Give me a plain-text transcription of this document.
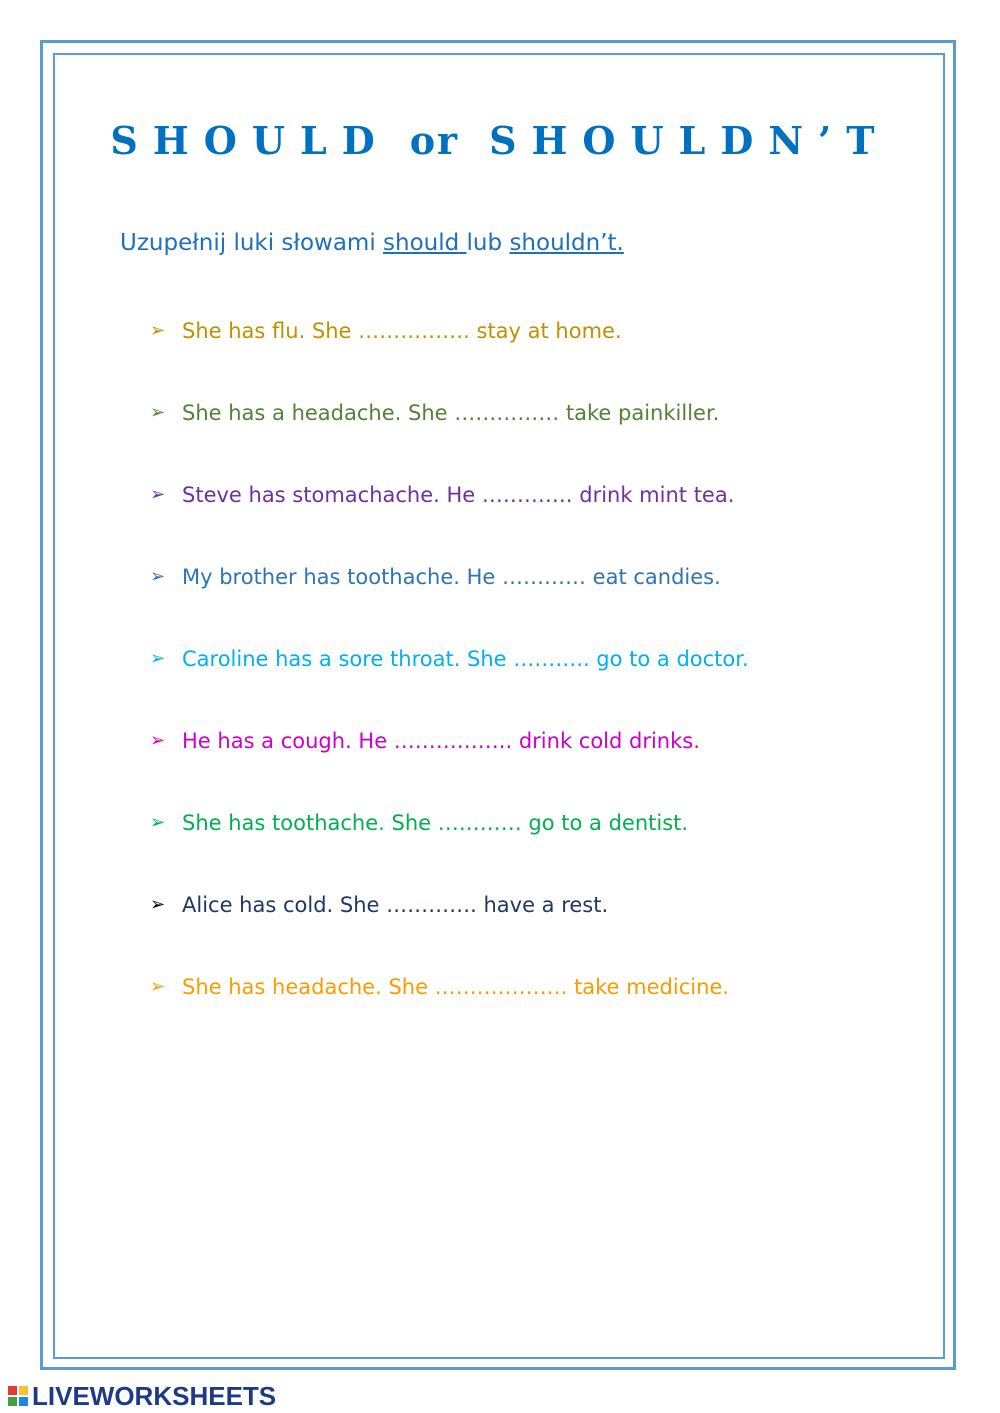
SHOULD or SHOULDN’T
Uzupełnij luki słowami should lub shouldn’t.
➢ She has flu. She ……………. stay at home.
➢ She has a headache. She …………… take painkiller.
➢ Steve has stomachache. He …………. drink mint tea.
➢ My brother has toothache. He ………… eat candies.
➢ Caroline has a sore throat. She ……….. go to a doctor.
➢ He has a cough. He …………….. drink cold drinks.
➢ She has toothache. She ………… go to a dentist.
➢ Alice has cold. She …………. have a rest.
➢ She has headache. She ………………. take medicine.
LIVEWORKSHEETS
